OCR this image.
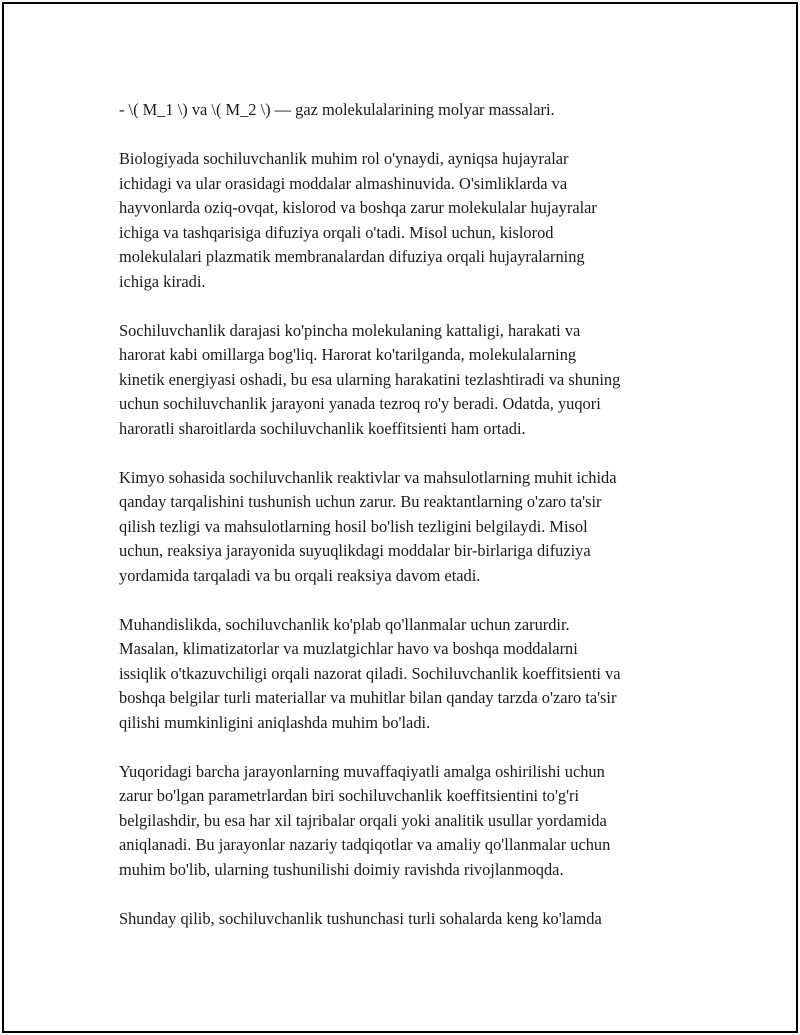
- \( M_1 \) va \( M_2 \) — gaz molekulalarining molyar massalari.

Biologiyada sochiluvchanlik muhim rol o'ynaydi, ayniqsa hujayralar
ichidagi va ular orasidagi moddalar almashinuvida. O'simliklarda va
hayvonlarda oziq-ovqat, kislorod va boshqa zarur molekulalar hujayralar
ichiga va tashqarisiga difuziya orqali o'tadi. Misol uchun, kislorod
molekulalari plazmatik membranalardan difuziya orqali hujayralarning
ichiga kiradi.

Sochiluvchanlik darajasi ko'pincha molekulaning kattaligi, harakati va
harorat kabi omillarga bog'liq. Harorat ko'tarilganda, molekulalarning
kinetik energiyasi oshadi, bu esa ularning harakatini tezlashtiradi va shuning
uchun sochiluvchanlik jarayoni yanada tezroq ro'y beradi. Odatda, yuqori
haroratli sharoitlarda sochiluvchanlik koeffitsienti ham ortadi.

Kimyo sohasida sochiluvchanlik reaktivlar va mahsulotlarning muhit ichida
qanday tarqalishini tushunish uchun zarur. Bu reaktantlarning o'zaro ta'sir
qilish tezligi va mahsulotlarning hosil bo'lish tezligini belgilaydi. Misol
uchun, reaksiya jarayonida suyuqlikdagi moddalar bir-birlariga difuziya
yordamida tarqaladi va bu orqali reaksiya davom etadi.

Muhandislikda, sochiluvchanlik ko'plab qo'llanmalar uchun zarurdir.
Masalan, klimatizatorlar va muzlatgichlar havo va boshqa moddalarni
issiqlik o'tkazuvchiligi orqali nazorat qiladi. Sochiluvchanlik koeffitsienti va
boshqa belgilar turli materiallar va muhitlar bilan qanday tarzda o'zaro ta'sir
qilishi mumkinligini aniqlashda muhim bo'ladi.

Yuqoridagi barcha jarayonlarning muvaffaqiyatli amalga oshirilishi uchun
zarur bo'lgan parametrlardan biri sochiluvchanlik koeffitsientini to'g'ri
belgilashdir, bu esa har xil tajribalar orqali yoki analitik usullar yordamida
aniqlanadi. Bu jarayonlar nazariy tadqiqotlar va amaliy qo'llanmalar uchun
muhim bo'lib, ularning tushunilishi doimiy ravishda rivojlanmoqda.

Shunday qilib, sochiluvchanlik tushunchasi turli sohalarda keng ko'lamda
